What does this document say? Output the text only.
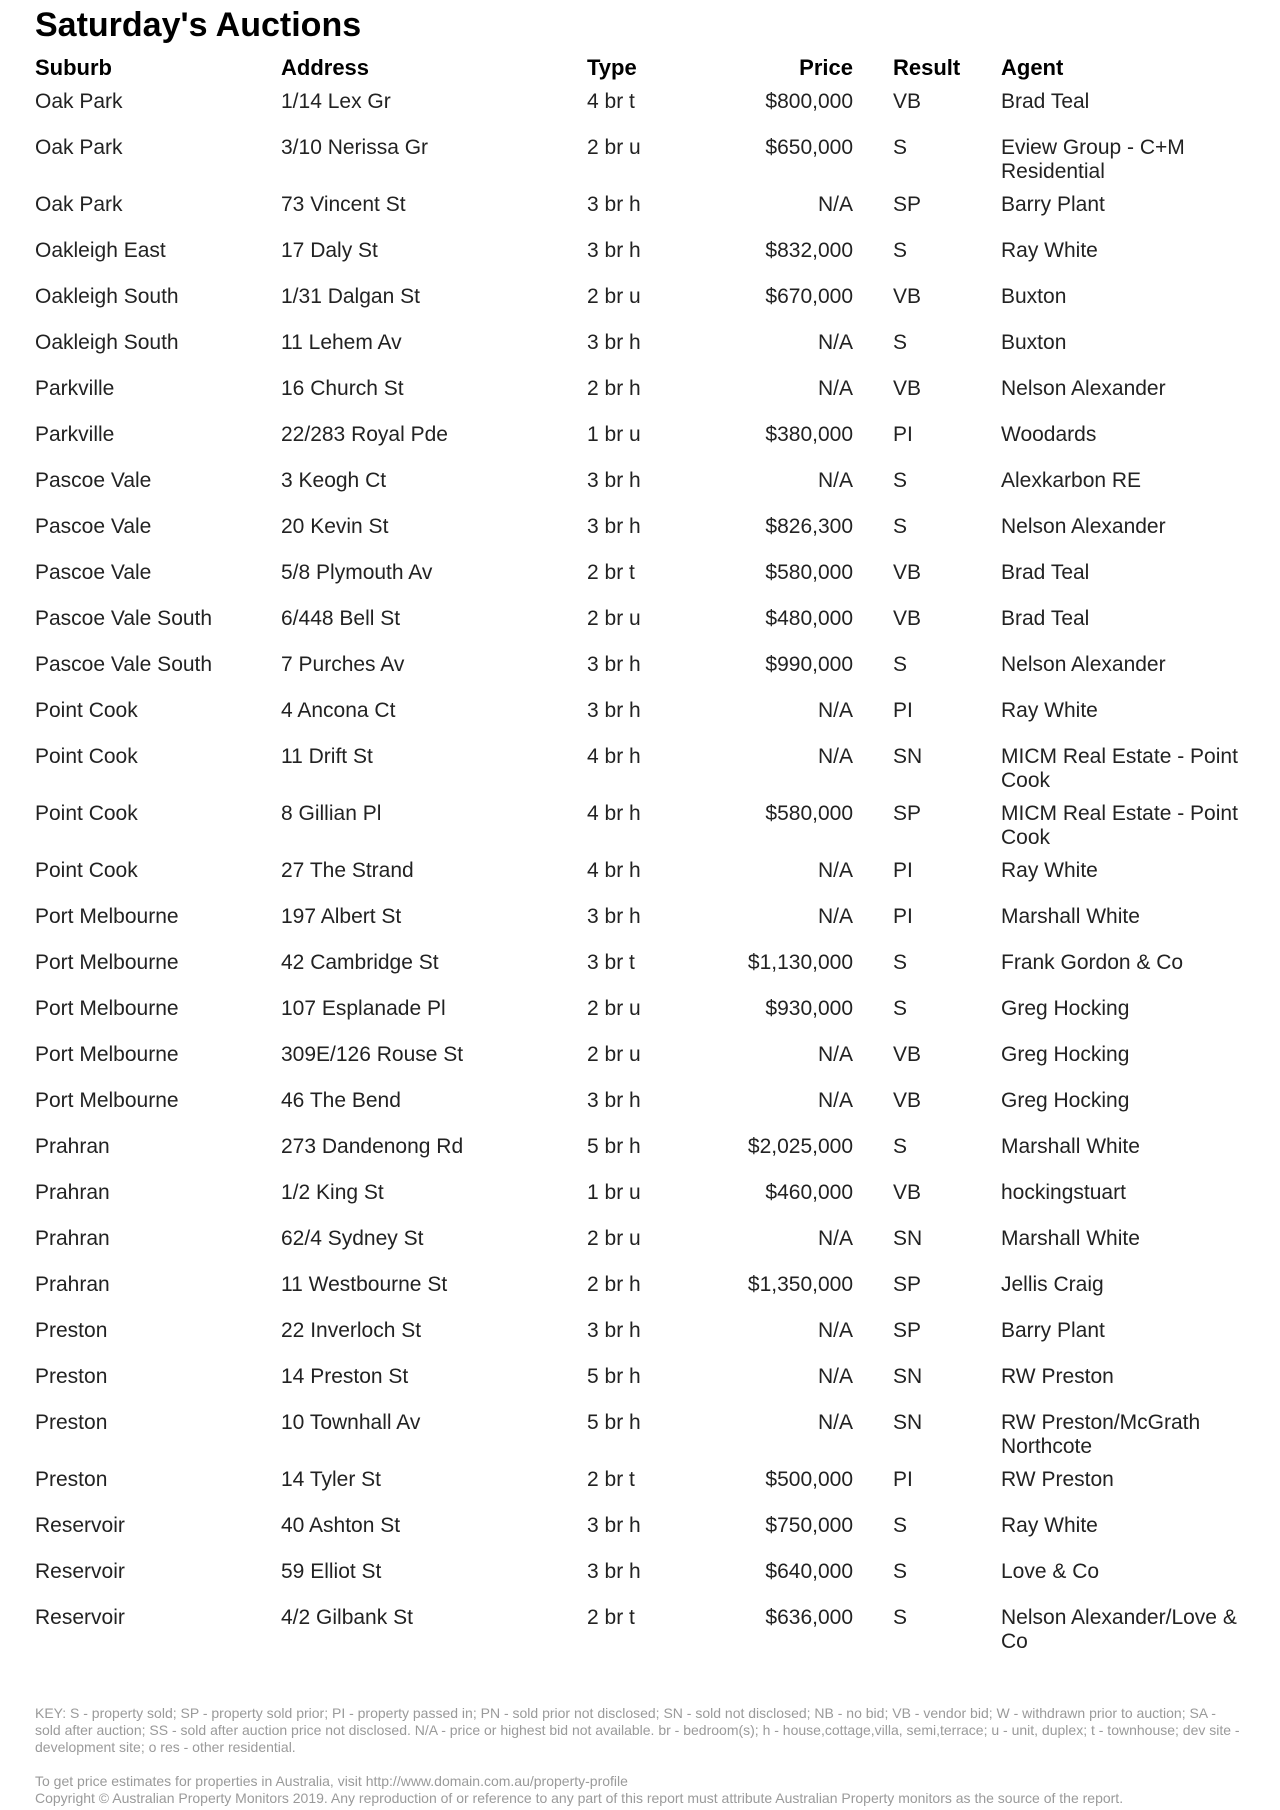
Saturday's Auctions
Suburb	Address	Type	Price		Result	Agent
Oak Park	1/14 Lex Gr	4 br t	$800,000		VB	Brad Teal
Oak Park	3/10 Nerissa Gr	2 br u	$650,000		S	Eview Group - C+M Residential
Oak Park	73 Vincent St	3 br h	N/A		SP	Barry Plant
Oakleigh East	17 Daly St	3 br h	$832,000		S	Ray White
Oakleigh South	1/31 Dalgan St	2 br u	$670,000		VB	Buxton
Oakleigh South	11 Lehem Av	3 br h	N/A		S	Buxton
Parkville	16 Church St	2 br h	N/A		VB	Nelson Alexander
Parkville	22/283 Royal Pde	1 br u	$380,000		PI	Woodards
Pascoe Vale	3 Keogh Ct	3 br h	N/A		S	Alexkarbon RE
Pascoe Vale	20 Kevin St	3 br h	$826,300		S	Nelson Alexander
Pascoe Vale	5/8 Plymouth Av	2 br t	$580,000		VB	Brad Teal
Pascoe Vale South	6/448 Bell St	2 br u	$480,000		VB	Brad Teal
Pascoe Vale South	7 Purches Av	3 br h	$990,000		S	Nelson Alexander
Point Cook	4 Ancona Ct	3 br h	N/A		PI	Ray White
Point Cook	11 Drift St	4 br h	N/A		SN	MICM Real Estate - Point Cook
Point Cook	8 Gillian Pl	4 br h	$580,000		SP	MICM Real Estate - Point Cook
Point Cook	27 The Strand	4 br h	N/A		PI	Ray White
Port Melbourne	197 Albert St	3 br h	N/A		PI	Marshall White
Port Melbourne	42 Cambridge St	3 br t	$1,130,000		S	Frank Gordon & Co
Port Melbourne	107 Esplanade Pl	2 br u	$930,000		S	Greg Hocking
Port Melbourne	309E/126 Rouse St	2 br u	N/A		VB	Greg Hocking
Port Melbourne	46 The Bend	3 br h	N/A		VB	Greg Hocking
Prahran	273 Dandenong Rd	5 br h	$2,025,000		S	Marshall White
Prahran	1/2 King St	1 br u	$460,000		VB	hockingstuart
Prahran	62/4 Sydney St	2 br u	N/A		SN	Marshall White
Prahran	11 Westbourne St	2 br h	$1,350,000		SP	Jellis Craig
Preston	22 Inverloch St	3 br h	N/A		SP	Barry Plant
Preston	14 Preston St	5 br h	N/A		SN	RW Preston
Preston	10 Townhall Av	5 br h	N/A		SN	RW Preston/McGrath Northcote
Preston	14 Tyler St	2 br t	$500,000		PI	RW Preston
Reservoir	40 Ashton St	3 br h	$750,000		S	Ray White
Reservoir	59 Elliot St	3 br h	$640,000		S	Love & Co
Reservoir	4/2 Gilbank St	2 br t	$636,000		S	Nelson Alexander/Love & Co

KEY: S - property sold; SP - property sold prior; PI - property passed in; PN - sold prior not disclosed; SN - sold not disclosed; NB - no bid; VB - vendor bid; W - withdrawn prior to auction; SA - sold after auction; SS - sold after auction price not disclosed. N/A - price or highest bid not available. br - bedroom(s); h - house,cottage,villa, semi,terrace; u - unit, duplex; t - townhouse; dev site - development site; o res - other residential.

To get price estimates for properties in Australia, visit http://www.domain.com.au/property-profile

Copyright © Australian Property Monitors 2019. Any reproduction of or reference to any part of this report must attribute Australian Property monitors as the source of the report.
